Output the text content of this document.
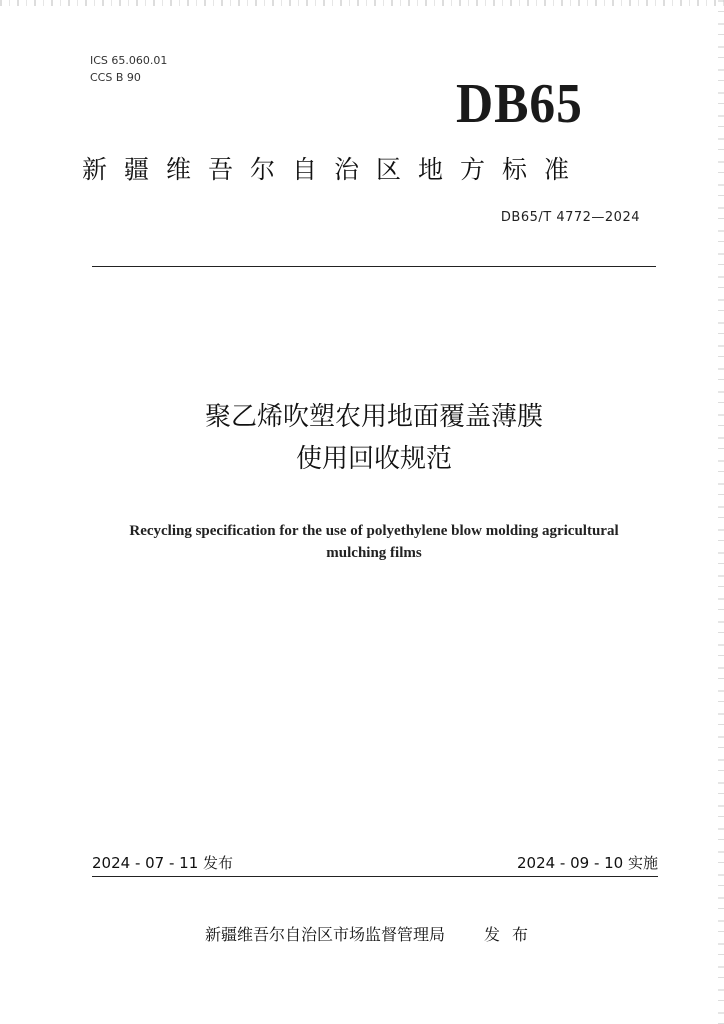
ICS 65.060.01
CCS B 90	DB65
新疆维吾尔自治区地方标准
DB65/T 4772—2024
聚乙烯吹塑农用地面覆盖薄膜
使用回收规范
Recycling specification for the use of polyethylene blow molding agricultural
mulching films
2024 - 07 - 11 发布	2024 - 09 - 10 实施
新疆维吾尔自治区市场监督管理局 发布
